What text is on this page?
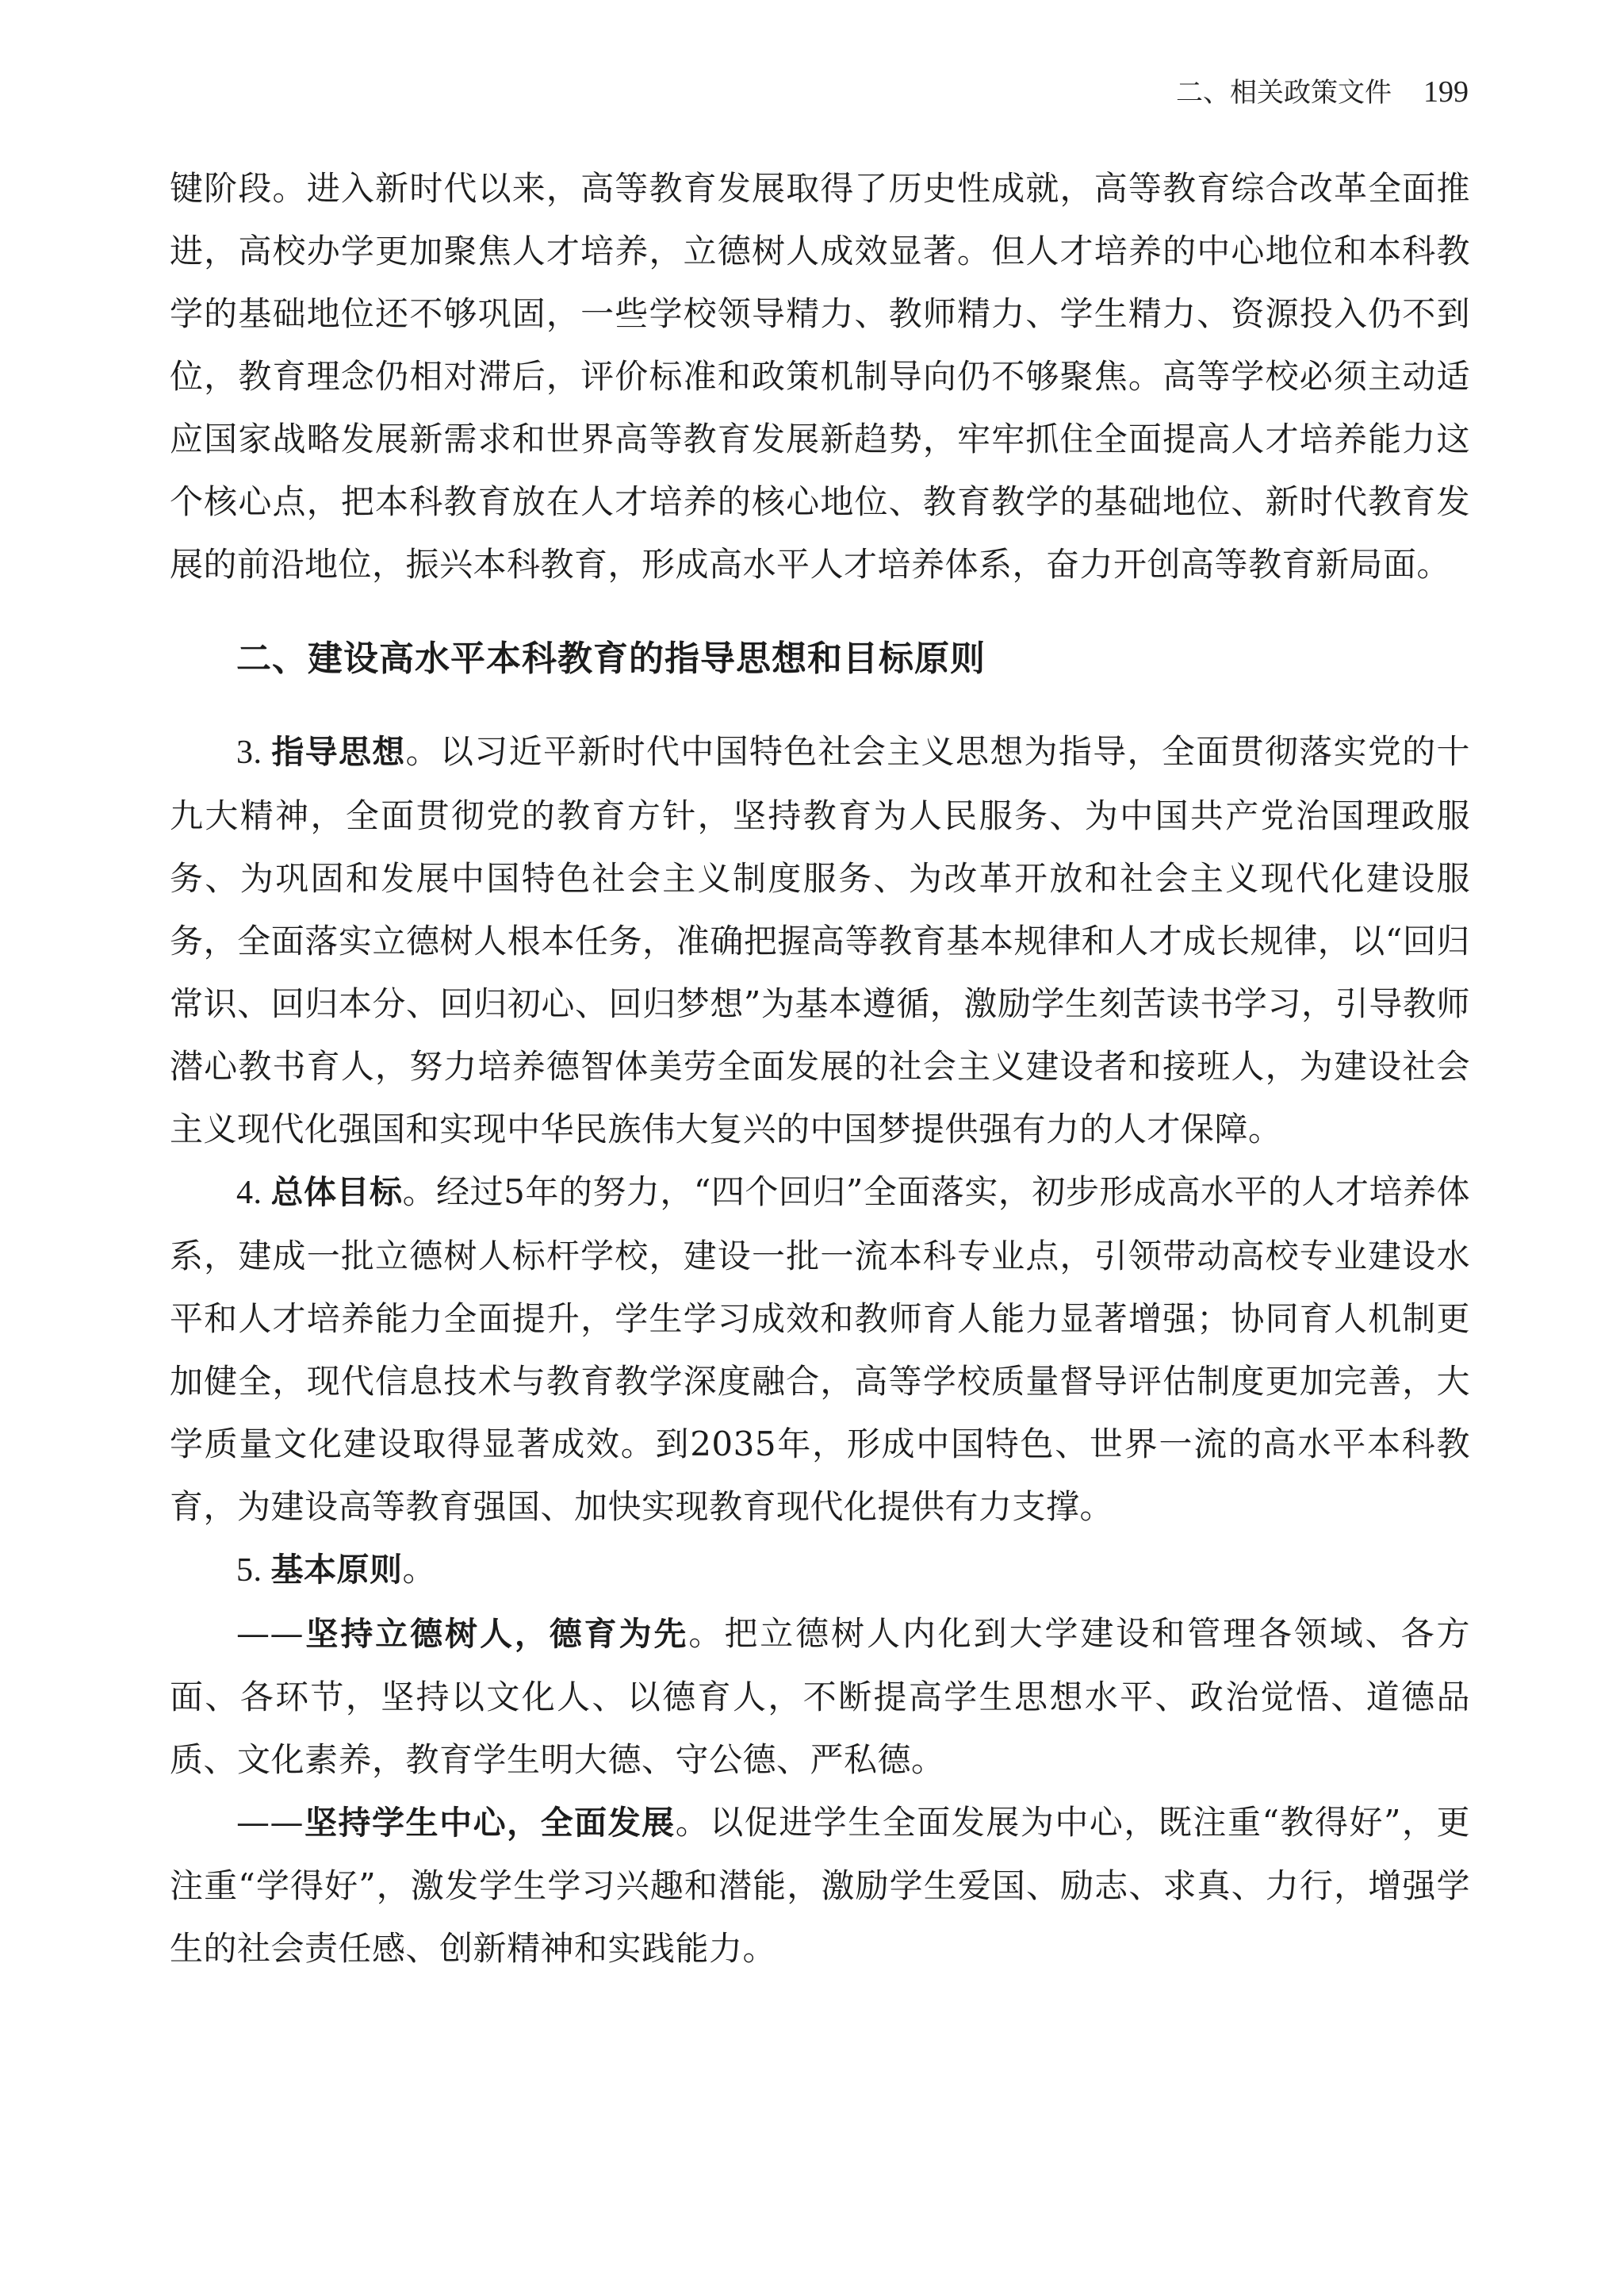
二、相关政策文件 199

键阶段。进入新时代以来，高等教育发展取得了历史性成就，高等教育综合改革全面推进，高校办学更加聚焦人才培养，立德树人成效显著。但人才培养的中心地位和本科教学的基础地位还不够巩固，一些学校领导精力、教师精力、学生精力、资源投入仍不到位，教育理念仍相对滞后，评价标准和政策机制导向仍不够聚焦。高等学校必须主动适应国家战略发展新需求和世界高等教育发展新趋势，牢牢抓住全面提高人才培养能力这个核心点，把本科教育放在人才培养的核心地位、教育教学的基础地位、新时代教育发展的前沿地位，振兴本科教育，形成高水平人才培养体系，奋力开创高等教育新局面。

二、建设高水平本科教育的指导思想和目标原则

3. 指导思想。以习近平新时代中国特色社会主义思想为指导，全面贯彻落实党的十九大精神，全面贯彻党的教育方针，坚持教育为人民服务、为中国共产党治国理政服务、为巩固和发展中国特色社会主义制度服务、为改革开放和社会主义现代化建设服务，全面落实立德树人根本任务，准确把握高等教育基本规律和人才成长规律，以“回归常识、回归本分、回归初心、回归梦想”为基本遵循，激励学生刻苦读书学习，引导教师潜心教书育人，努力培养德智体美劳全面发展的社会主义建设者和接班人，为建设社会主义现代化强国和实现中华民族伟大复兴的中国梦提供强有力的人才保障。

4. 总体目标。经过5年的努力，“四个回归”全面落实，初步形成高水平的人才培养体系，建成一批立德树人标杆学校，建设一批一流本科专业点，引领带动高校专业建设水平和人才培养能力全面提升，学生学习成效和教师育人能力显著增强；协同育人机制更加健全，现代信息技术与教育教学深度融合，高等学校质量督导评估制度更加完善，大学质量文化建设取得显著成效。到2035年，形成中国特色、世界一流的高水平本科教育，为建设高等教育强国、加快实现教育现代化提供有力支撑。

5. 基本原则。

——坚持立德树人，德育为先。把立德树人内化到大学建设和管理各领域、各方面、各环节，坚持以文化人、以德育人，不断提高学生思想水平、政治觉悟、道德品质、文化素养，教育学生明大德、守公德、严私德。

——坚持学生中心，全面发展。以促进学生全面发展为中心，既注重“教得好”，更注重“学得好”，激发学生学习兴趣和潜能，激励学生爱国、励志、求真、力行，增强学生的社会责任感、创新精神和实践能力。
